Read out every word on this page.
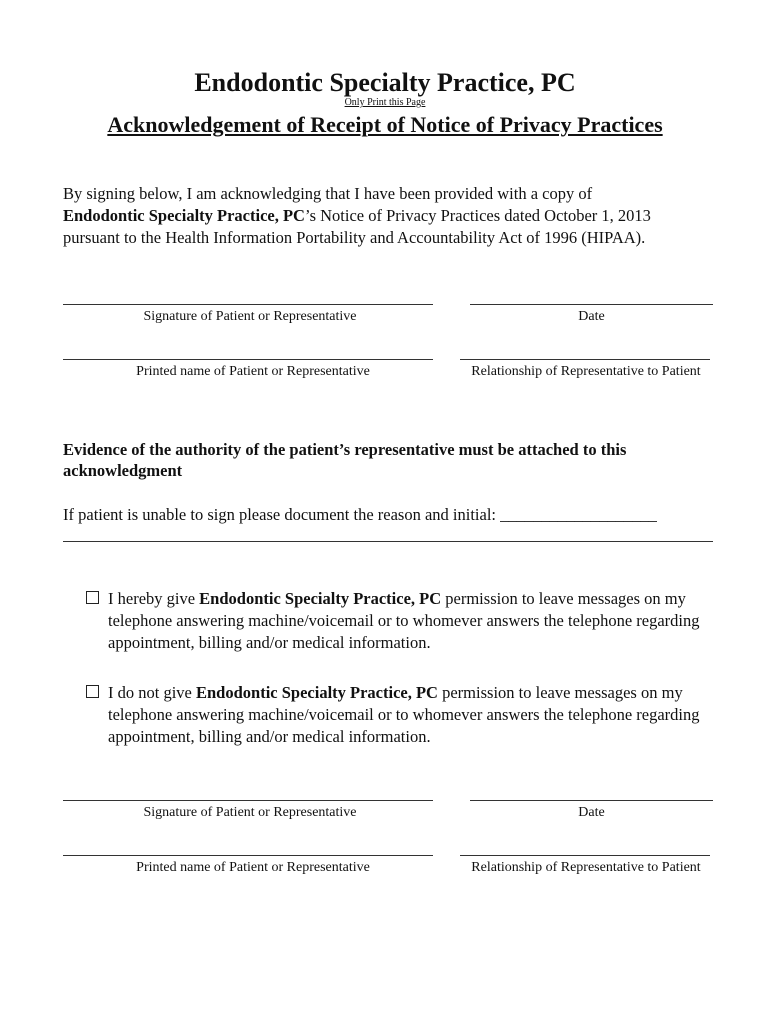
Endodontic Specialty Practice, PC
Only Print this Page
Acknowledgement of Receipt of Notice of Privacy Practices
By signing below, I am acknowledging that I have been provided with a copy of
Endodontic Specialty Practice, PC’s Notice of Privacy Practices dated October 1, 2013
pursuant to the Health Information Portability and Accountability Act of 1996 (HIPAA).
Signature of Patient or Representative	Date
Printed name of Patient or Representative	Relationship of Representative to Patient
Evidence of the authority of the patient’s representative must be attached to this acknowledgment
If patient is unable to sign please document the reason and initial: ___________________
I hereby give Endodontic Specialty Practice, PC permission to leave messages on my telephone answering machine/voicemail or to whomever answers the telephone regarding appointment, billing and/or medical information.
I do not give Endodontic Specialty Practice, PC permission to leave messages on my telephone answering machine/voicemail or to whomever answers the telephone regarding appointment, billing and/or medical information.
Signature of Patient or Representative	Date
Printed name of Patient or Representative	Relationship of Representative to Patient
